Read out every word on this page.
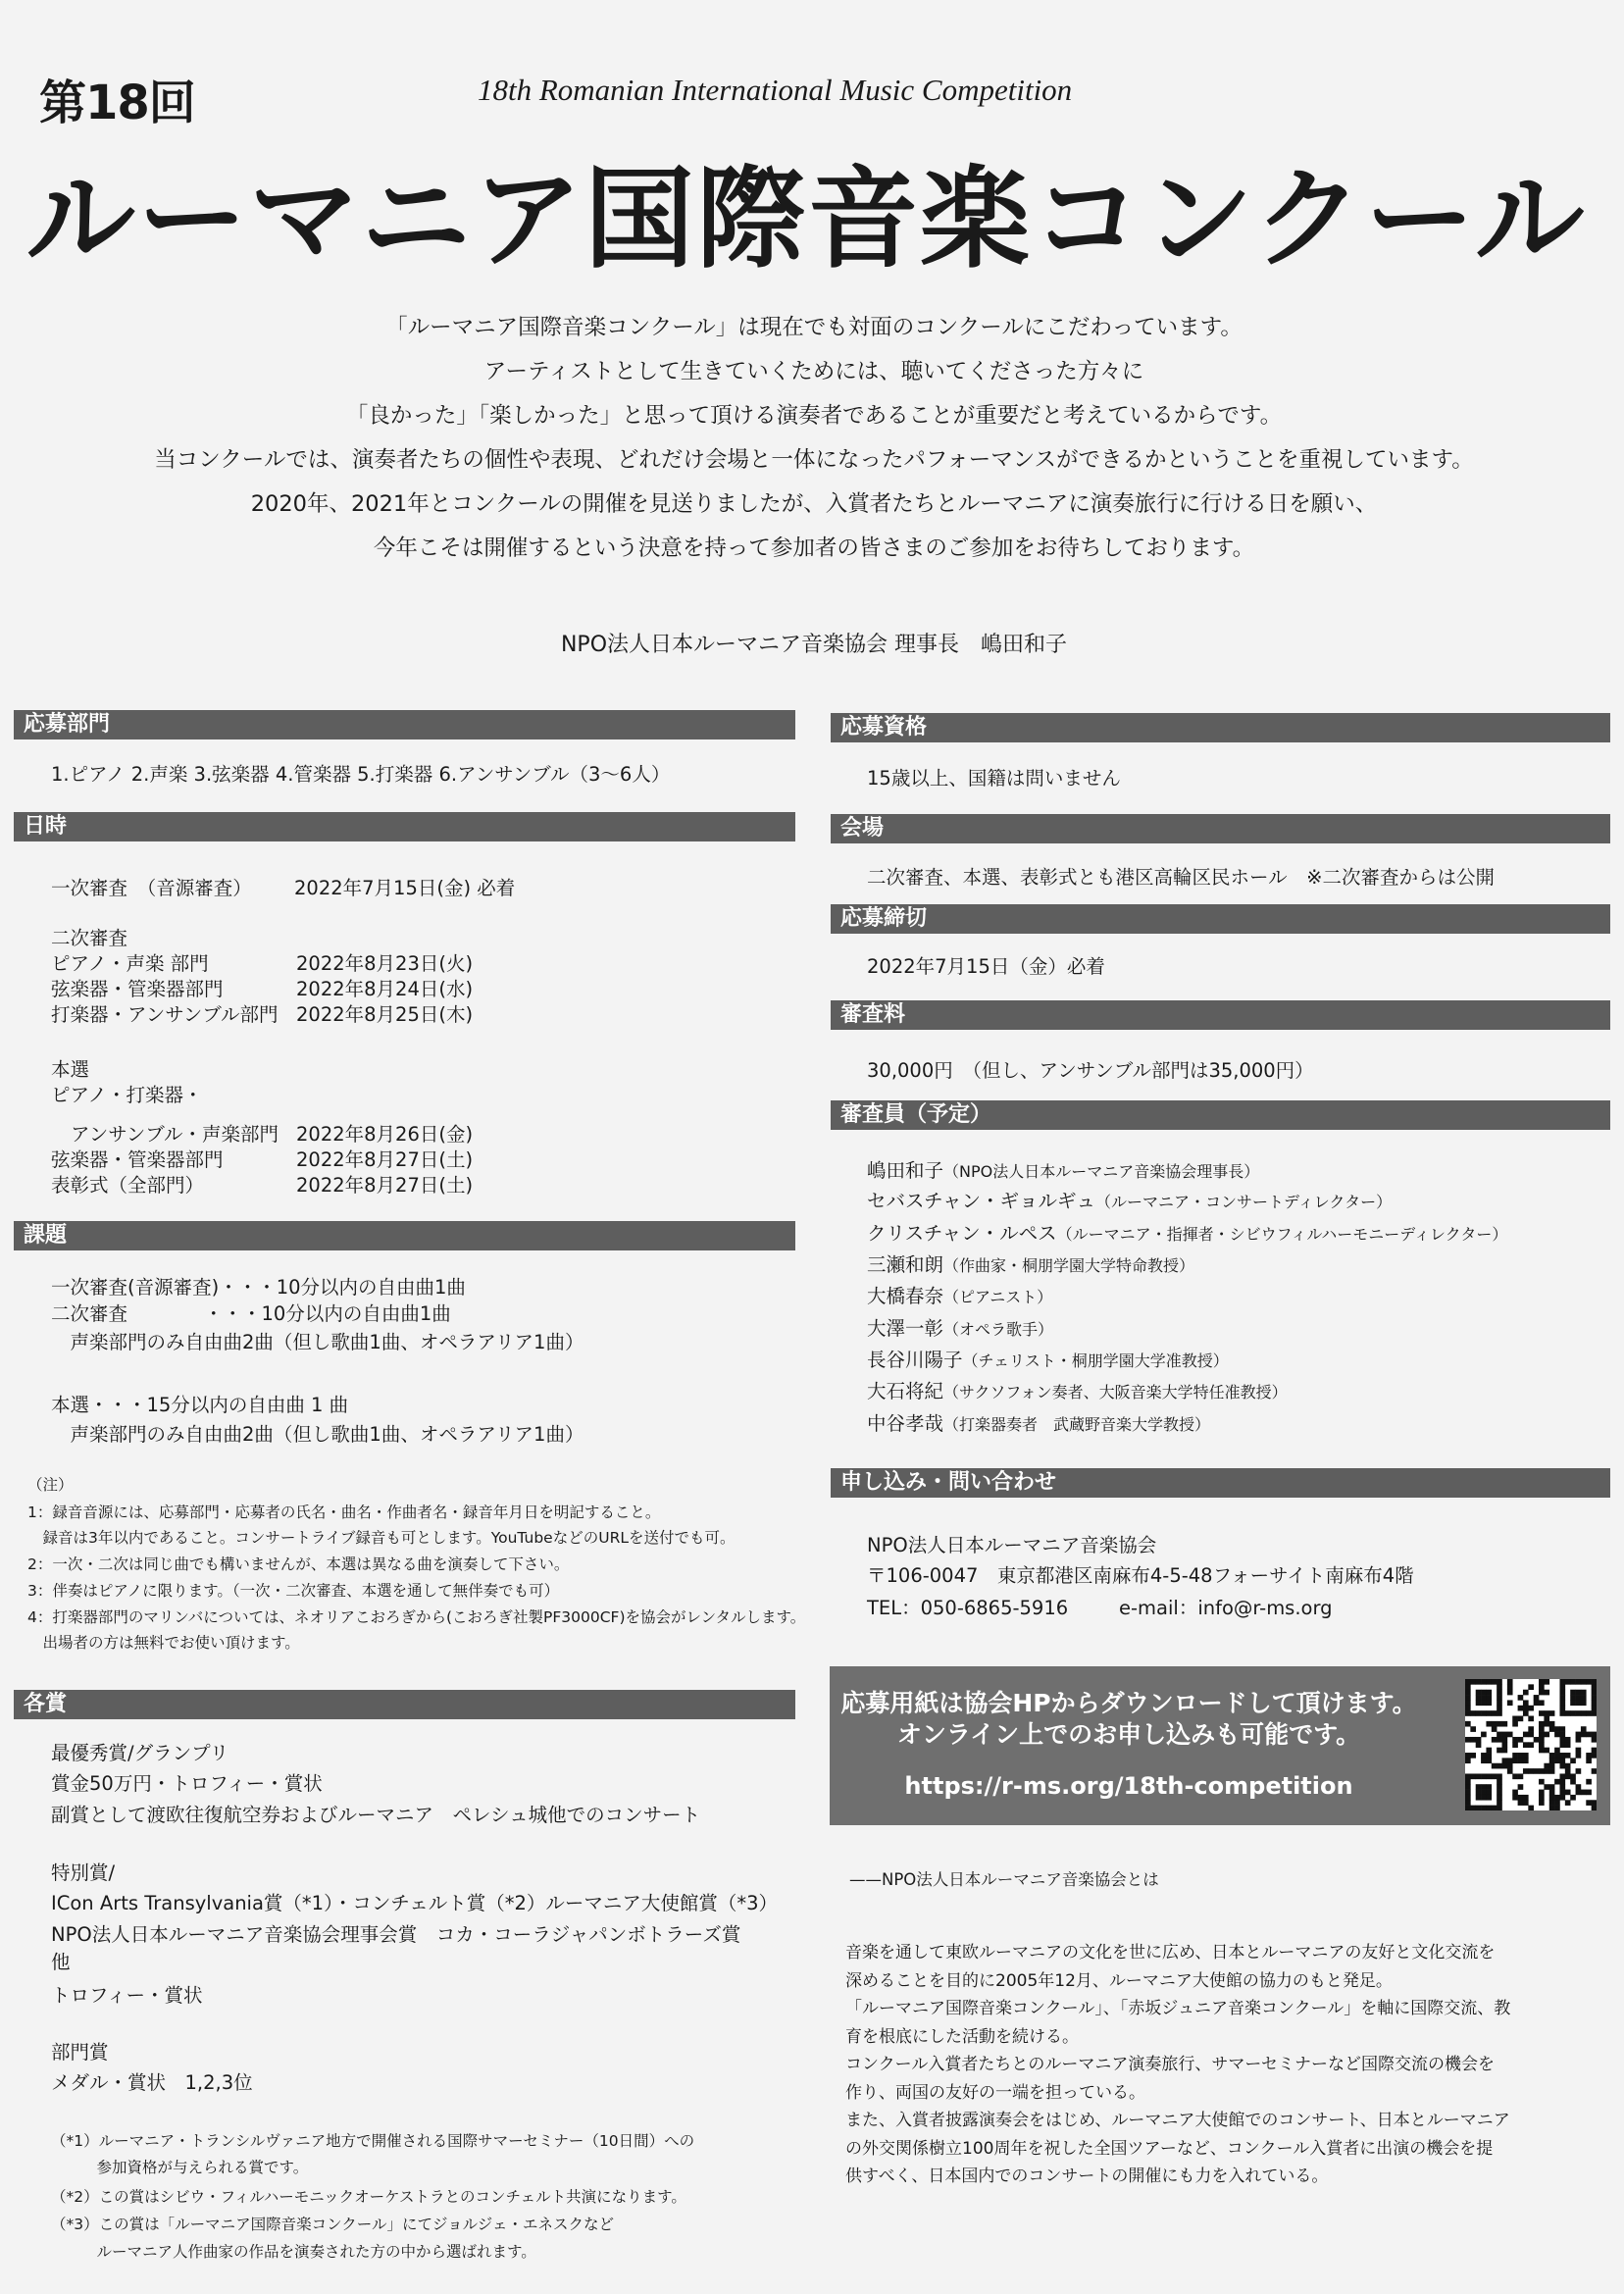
第18回	18th Romanian International Music Competition
ルーマニア国際音楽コンクール

「ルーマニア国際音楽コンクール」は現在でも対面のコンクールにこだわっています。

アーティストとして生きていくためには、聴いてくださった方々に

「良かった」「楽しかった」と思って頂ける演奏者であることが重要だと考えているからです。

当コンクールでは、演奏者たちの個性や表現、どれだけ会場と一体になったパフォーマンスができるかということを重視しています。

2020年、2021年とコンクールの開催を見送りましたが、入賞者たちとルーマニアに演奏旅行に行ける日を願い、

今年こそは開催するという決意を持って参加者の皆さまのご参加をお待ちしております。

NPO法人日本ルーマニア音楽協会 理事長　嶋田和子
応募部門
1.ピアノ 2.声楽 3.弦楽器 4.管楽器 5.打楽器 6.アンサンブル（3〜6人）
日時
一次審査　（音源審査） 2022年7月15日(金) 必着
二次審査
ピアノ・声楽 部門	2022年8月23日(火)
弦楽器・管楽器部門	2022年8月24日(水)
打楽器・アンサンブル部門 2022年8月25日(木)
本選
ピアノ・打楽器・
アンサンブル・声楽部門 2022年8月26日(金)
弦楽器・管楽器部門	2022年8月27日(土)
表彰式（全部門）	2022年8月27日(土)
課題
一次審査(音源審査)・・・10分以内の自由曲1曲
二次審査　　　　・・・10分以内の自由曲1曲
　声楽部門のみ自由曲2曲（但し歌曲1曲、オペラアリア1曲）
本選・・・15分以内の自由曲 1 曲
　声楽部門のみ自由曲2曲（但し歌曲1曲、オペラアリア1曲）
（注）
1：録音音源には、応募部門・応募者の氏名・曲名・作曲者名・録音年月日を明記すること。
　録音は3年以内であること。コンサートライブ録音も可とします。YouTubeなどのURLを送付でも可。
2：一次・二次は同じ曲でも構いませんが、本選は異なる曲を演奏して下さい。
3：伴奏はピアノに限ります。（一次・二次審査、本選を通して無伴奏でも可）
4：打楽器部門のマリンバについては、ネオリアこおろぎから(こおろぎ社製PF3000CF)を協会がレンタルします。
　出場者の方は無料でお使い頂けます。
各賞
最優秀賞/グランプリ
賞金50万円・トロフィー・賞状
副賞として渡欧往復航空券およびルーマニア　ペレシュ城他でのコンサート
特別賞/
ICon Arts Transylvania賞（*1）・コンチェルト賞（*2）ルーマニア大使館賞（*3）
NPO法人日本ルーマニア音楽協会理事会賞　コカ・コーラジャパンボトラーズ賞
他
トロフィー・賞状
部門賞
メダル・賞状　1,2,3位
（*1）ルーマニア・トランシルヴァニア地方で開催される国際サマーセミナー（10日間）への
　　　参加資格が与えられる賞です。
（*2）この賞はシビウ・フィルハーモニックオーケストラとのコンチェルト共演になります。
（*3）この賞は「ルーマニア国際音楽コンクール」にてジョルジェ・エネスクなど
　　　ルーマニア人作曲家の作品を演奏された方の中から選ばれます。
応募資格
15歳以上、国籍は問いません
会場
二次審査、本選、表彰式とも港区高輪区民ホール　※二次審査からは公開
応募締切
2022年7月15日（金）必着
審査料
30,000円　（但し、アンサンブル部門は35,000円）
審査員（予定）
嶋田和子（NPO法人日本ルーマニア音楽協会理事長）
セバスチャン・ギョルギュ（ルーマニア・コンサートディレクター）
クリスチャン・ルペス（ルーマニア・指揮者・シビウフィルハーモニーディレクター）
三瀬和朗（作曲家・桐朋学園大学特命教授）
大橋春奈（ピアニスト）
大澤一彰（オペラ歌手）
長谷川陽子（チェリスト・桐朋学園大学准教授）
大石将紀（サクソフォン奏者、大阪音楽大学特任准教授）
中谷孝哉（打楽器奏者　武蔵野音楽大学教授）
申し込み・問い合わせ
NPO法人日本ルーマニア音楽協会
〒106-0047　東京都港区南麻布4-5-48フォーサイト南麻布4階
TEL：050-6865-5916	e-mail：info@r-ms.org
応募用紙は協会HPからダウンロードして頂けます。
オンライン上でのお申し込みも可能です。
https://r-ms.org/18th-competition
——NPO法人日本ルーマニア音楽協会とは
音楽を通して東欧ルーマニアの文化を世に広め、日本とルーマニアの友好と文化交流を
深めることを目的に2005年12月、ルーマニア大使館の協力のもと発足。
「ルーマニア国際音楽コンクール」、「赤坂ジュニア音楽コンクール」を軸に国際交流、教
育を根底にした活動を続ける。
コンクール入賞者たちとのルーマニア演奏旅行、サマーセミナーなど国際交流の機会を
作り、両国の友好の一端を担っている。
また、入賞者披露演奏会をはじめ、ルーマニア大使館でのコンサート、日本とルーマニア
の外交関係樹立100周年を祝した全国ツアーなど、コンクール入賞者に出演の機会を提
供すべく、日本国内でのコンサートの開催にも力を入れている。
